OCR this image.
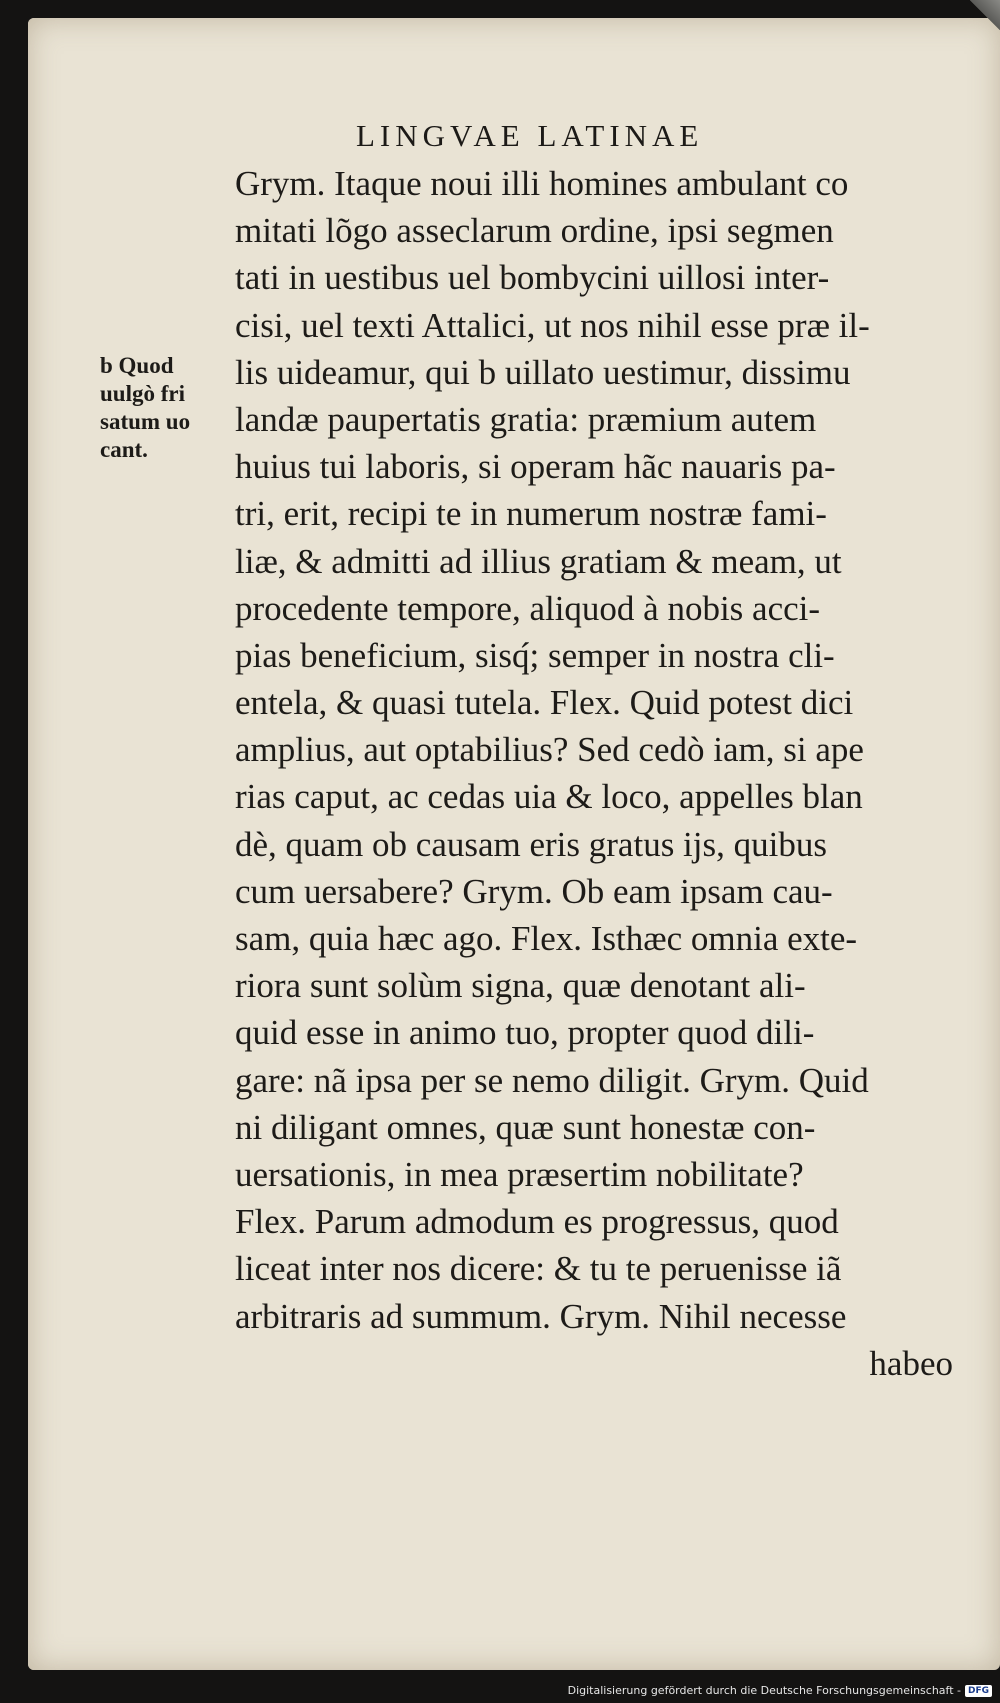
LINGVAE LATINAE
b Quod
uulgò fri
satum uo
cant.
Grym. Itaque noui illi homines ambulant co
mitati lõgo asseclarum ordine, ipsi segmen
tati in uestibus uel bombycini uillosi inter-
cisi, uel texti Attalici, ut nos nihil esse præ il-
lis uideamur, qui b uillato uestimur, dissimu
landæ paupertatis gratia: præmium autem
huius tui laboris, si operam hãc nauaris pa-
tri, erit, recipi te in numerum nostræ fami-
liæ, & admitti ad illius gratiam & meam, ut
procedente tempore, aliquod à nobis acci-
pias beneficium, sisq́; semper in nostra cli-
entela, & quasi tutela. Flex. Quid potest dici
amplius, aut optabilius? Sed cedò iam, si ape
rias caput, ac cedas uia & loco, appelles blan
dè, quam ob causam eris gratus ijs, quibus
cum uersabere? Grym. Ob eam ipsam cau-
sam, quia hæc ago. Flex. Isthæc omnia exte-
riora sunt solùm signa, quæ denotant ali-
quid esse in animo tuo, propter quod dili-
gare: nã ipsa per se nemo diligit. Grym. Quid
ni diligant omnes, quæ sunt honestæ con-
uersationis, in mea præsertim nobilitate?
Flex. Parum admodum es progressus, quod
liceat inter nos dicere: & tu te peruenisse iã
arbitraris ad summum. Grym. Nihil necesse
habeo
Digitalisierung gefördert durch die Deutsche Forschungsgemeinschaft - DFG
